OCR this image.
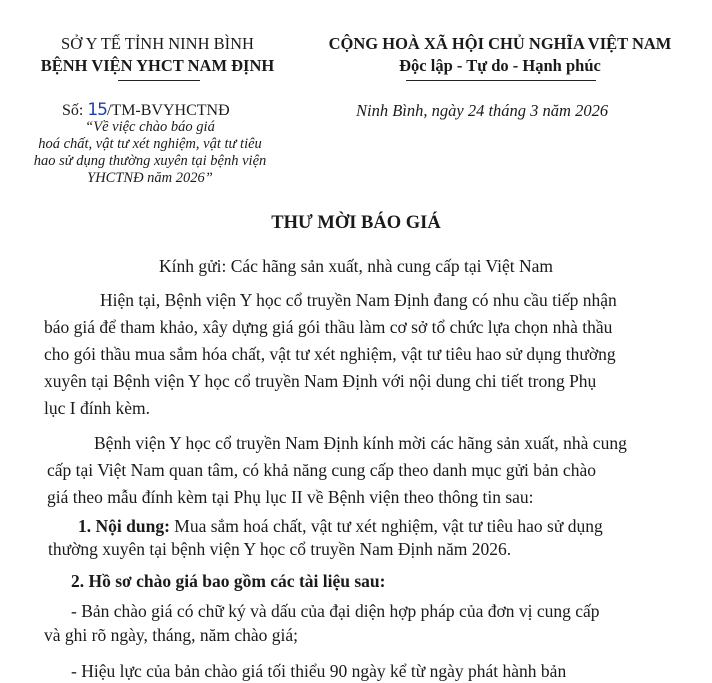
SỞ Y TẾ TỈNH NINH BÌNH
BỆNH VIỆN YHCT NAM ĐỊNH
CỘNG HOÀ XÃ HỘI CHỦ NGHĨA VIỆT NAM
Độc lập - Tự do - Hạnh phúc
Số: 15/TM-BVYHCTNĐ
“Về việc chào báo giá
hoá chất, vật tư xét nghiệm, vật tư tiêu
hao sử dụng thường xuyên tại bệnh viện
YHCTNĐ năm 2026”
Ninh Bình, ngày 24 tháng 3 năm 2026
THƯ MỜI BÁO GIÁ
Kính gửi: Các hãng sản xuất, nhà cung cấp tại Việt Nam
Hiện tại, Bệnh viện Y học cổ truyền Nam Định đang có nhu cầu tiếp nhận
báo giá để tham khảo, xây dựng giá gói thầu làm cơ sở tổ chức lựa chọn nhà thầu
cho gói thầu mua sắm hóa chất, vật tư xét nghiệm, vật tư tiêu hao sử dụng thường
xuyên tại Bệnh viện Y học cổ truyền Nam Định với nội dung chi tiết trong Phụ
lục I đính kèm.
Bệnh viện Y học cổ truyền Nam Định kính mời các hãng sản xuất, nhà cung
cấp tại Việt Nam quan tâm, có khả năng cung cấp theo danh mục gửi bản chào
giá theo mẫu đính kèm tại Phụ lục II về Bệnh viện theo thông tin sau:
1. Nội dung: Mua sắm hoá chất, vật tư xét nghiệm, vật tư tiêu hao sử dụng
thường xuyên tại bệnh viện Y học cổ truyền Nam Định năm 2026.
2. Hồ sơ chào giá bao gồm các tài liệu sau:
- Bản chào giá có chữ ký và dấu của đại diện hợp pháp của đơn vị cung cấp
và ghi rõ ngày, tháng, năm chào giá;
- Hiệu lực của bản chào giá tối thiểu 90 ngày kể từ ngày phát hành bản
